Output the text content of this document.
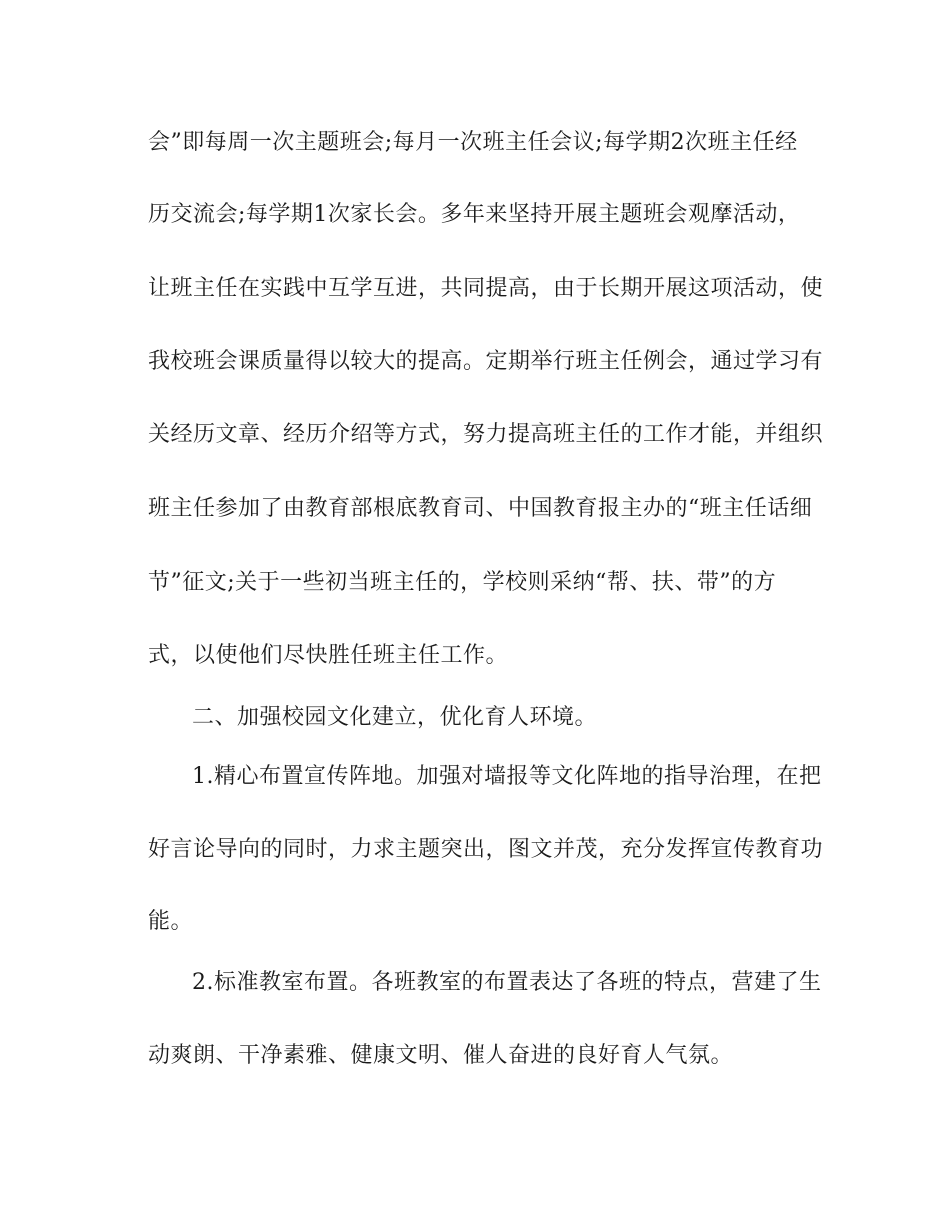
会”即每周一次主题班会;每月一次班主任会议;每学期2次班主任经
历交流会;每学期1次家长会。多年来坚持开展主题班会观摩活动，
让班主任在实践中互学互进，共同提高，由于长期开展这项活动，使
我校班会课质量得以较大的提高。定期举行班主任例会，通过学习有
关经历文章、经历介绍等方式，努力提高班主任的工作才能，并组织
班主任参加了由教育部根底教育司、中国教育报主办的“班主任话细
节”征文;关于一些初当班主任的，学校则采纳“帮、扶、带”的方
式，以使他们尽快胜任班主任工作。
二、加强校园文化建立，优化育人环境。
1.精心布置宣传阵地。加强对墙报等文化阵地的指导治理，在把
好言论导向的同时，力求主题突出，图文并茂，充分发挥宣传教育功
能。
2.标准教室布置。各班教室的布置表达了各班的特点，营建了生
动爽朗、干净素雅、健康文明、催人奋进的良好育人气氛。
